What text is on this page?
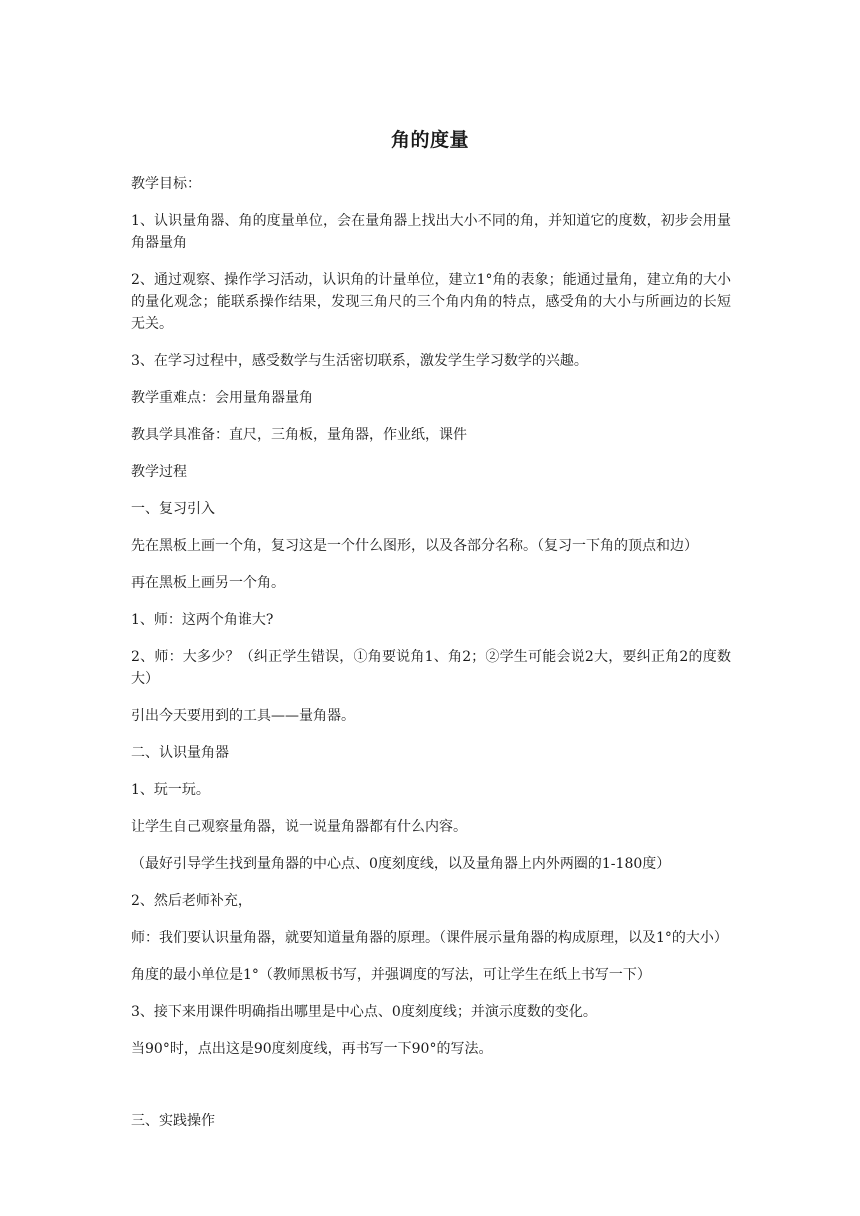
角的度量

教学目标：

1、认识量角器、角的度量单位，会在量角器上找出大小不同的角，并知道它的度数，初步会用量角器量角

2、通过观察、操作学习活动，认识角的计量单位，建立1°角的表象；能通过量角，建立角的大小的量化观念；能联系操作结果，发现三角尺的三个角内角的特点，感受角的大小与所画边的长短无关。

3、在学习过程中，感受数学与生活密切联系，激发学生学习数学的兴趣。

教学重难点：会用量角器量角

教具学具准备：直尺，三角板，量角器，作业纸，课件

教学过程

一、复习引入

先在黑板上画一个角，复习这是一个什么图形，以及各部分名称。（复习一下角的顶点和边）

再在黑板上画另一个角。

1、师：这两个角谁大?

2、师：大多少？（纠正学生错误，①角要说角1、角2；②学生可能会说2大，要纠正角2的度数大）

引出今天要用到的工具——量角器。

二、认识量角器

1、玩一玩。

让学生自己观察量角器，说一说量角器都有什么内容。

（最好引导学生找到量角器的中心点、0度刻度线，以及量角器上内外两圈的1-180度）

2、然后老师补充，

师：我们要认识量角器，就要知道量角器的原理。（课件展示量角器的构成原理，以及1°的大小）

角度的最小单位是1°（教师黑板书写，并强调度的写法，可让学生在纸上书写一下）

3、接下来用课件明确指出哪里是中心点、0度刻度线；并演示度数的变化。

当90°时，点出这是90度刻度线，再书写一下90°的写法。

三、实践操作
